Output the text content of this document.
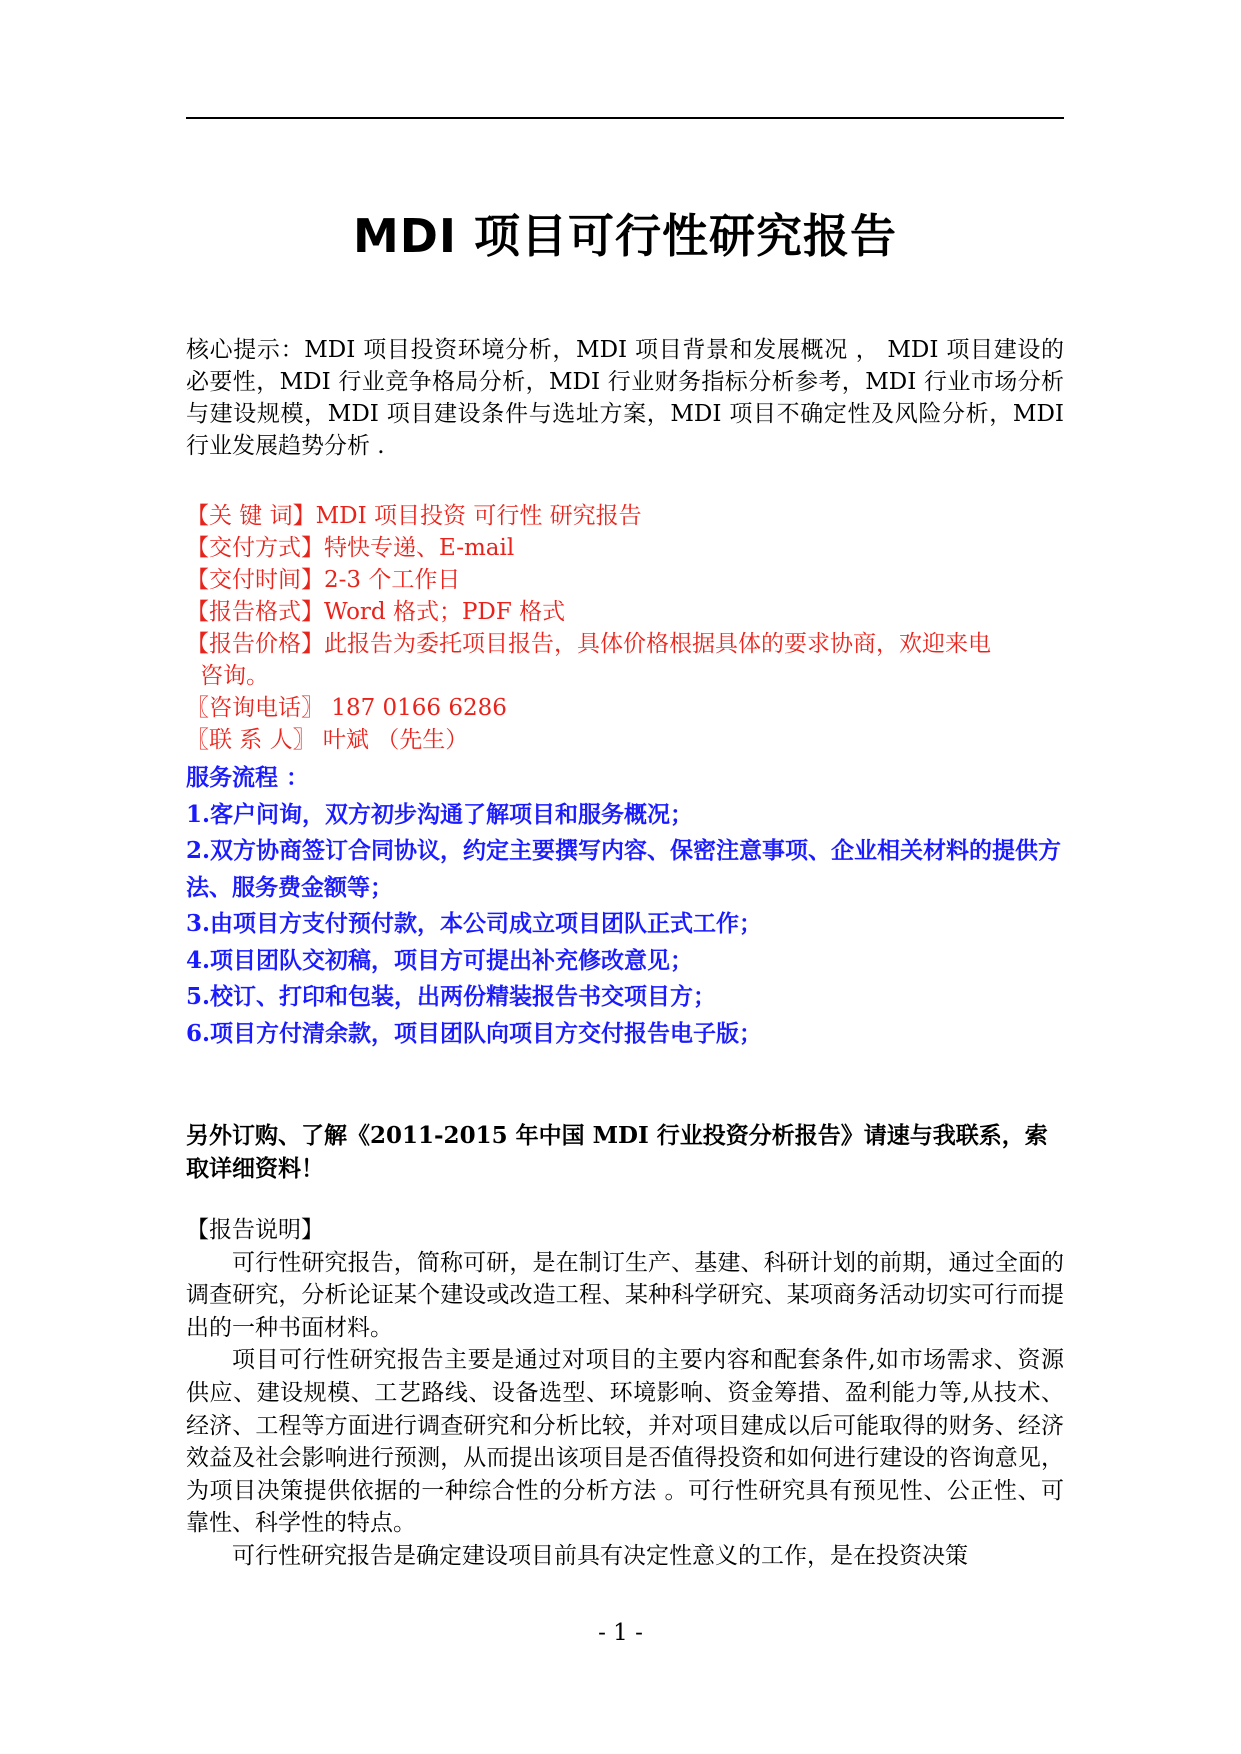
MDI 项目可行性研究报告
核心提示：MDI 项目投资环境分析，MDI 项目背景和发展概况 ， MDI 项目建设的必要性，MDI 行业竞争格局分析，MDI 行业财务指标分析参考，MDI 行业市场分析与建设规模，MDI 项目建设条件与选址方案，MDI 项目不确定性及风险分析，MDI 行业发展趋势分析 .
【关 键 词】MDI 项目投资 可行性 研究报告
【交付方式】特快专递、E-mail
【交付时间】2-3 个工作日
【报告格式】Word 格式；PDF 格式
【报告价格】此报告为委托项目报告，具体价格根据具体的要求协商，欢迎来电
咨询。
〖咨询电话〗 187 0166 6286
〖联 系 人〗 叶斌 （先生）
服务流程 ：
1.客户问询，双方初步沟通了解项目和服务概况；
2.双方协商签订合同协议，约定主要撰写内容、保密注意事项、企业相关材料的提供方法、服务费金额等；
3.由项目方支付预付款，本公司成立项目团队正式工作；
4.项目团队交初稿，项目方可提出补充修改意见；
5.校订、打印和包装，出两份精装报告书交项目方；
6.项目方付清余款，项目团队向项目方交付报告电子版；
另外订购、了解《2011-2015 年中国 MDI 行业投资分析报告》请速与我联系，索取详细资料！

【报告说明】

可行性研究报告，简称可研，是在制订生产、基建、科研计划的前期，通过全面的调查研究，分析论证某个建设或改造工程、某种科学研究、某项商务活动切实可行而提出的一种书面材料。

项目可行性研究报告主要是通过对项目的主要内容和配套条件,如市场需求、资源供应、建设规模、工艺路线、设备选型、环境影响、资金筹措、盈利能力等,从技术、经济、工程等方面进行调查研究和分析比较，并对项目建成以后可能取得的财务、经济效益及社会影响进行预测，从而提出该项目是否值得投资和如何进行建设的咨询意见，为项目决策提供依据的一种综合性的分析方法 。可行性研究具有预见性、公正性、可靠性、科学性的特点。

可行性研究报告是确定建设项目前具有决定性意义的工作，是在投资决策

- 1 -
